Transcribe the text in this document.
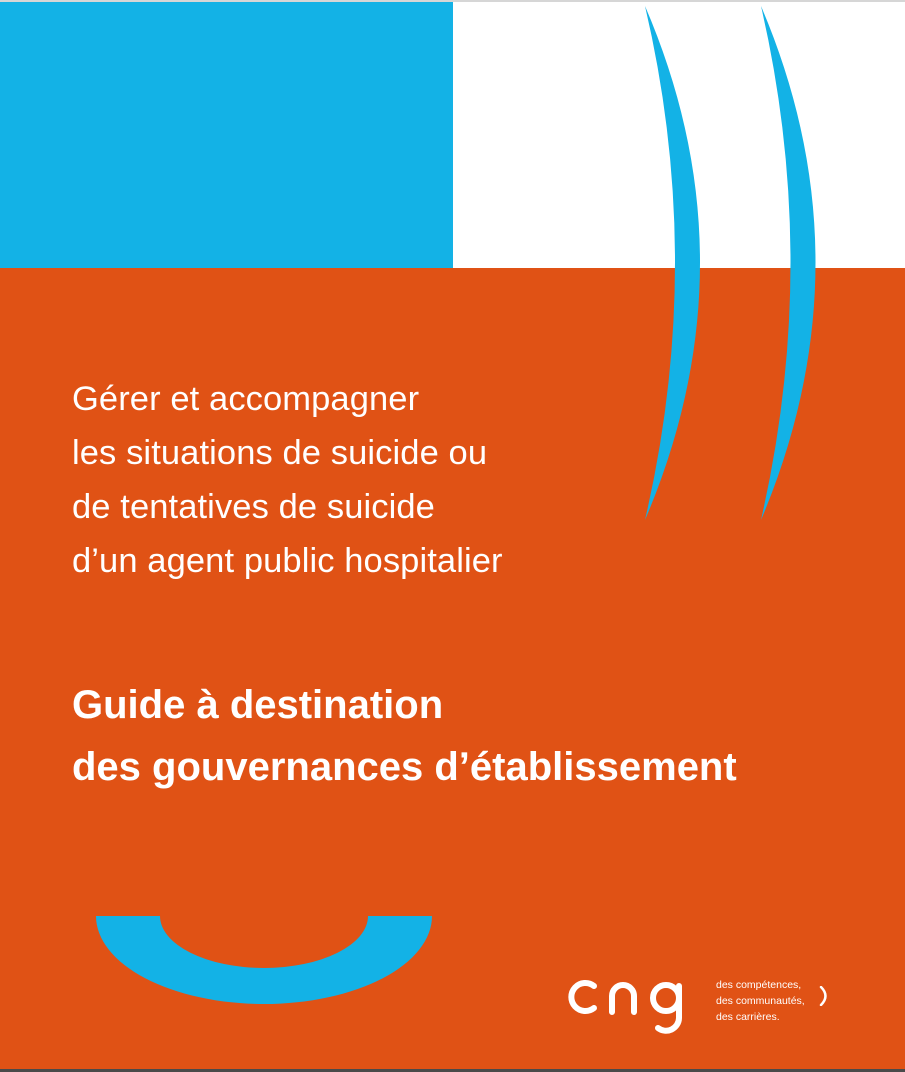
Gérer et accompagner
les situations de suicide ou
de tentatives de suicide
d’un agent public hospitalier
Guide à destination
des gouvernances d’établissement
des compétences,
des communautés,
des carrières.
